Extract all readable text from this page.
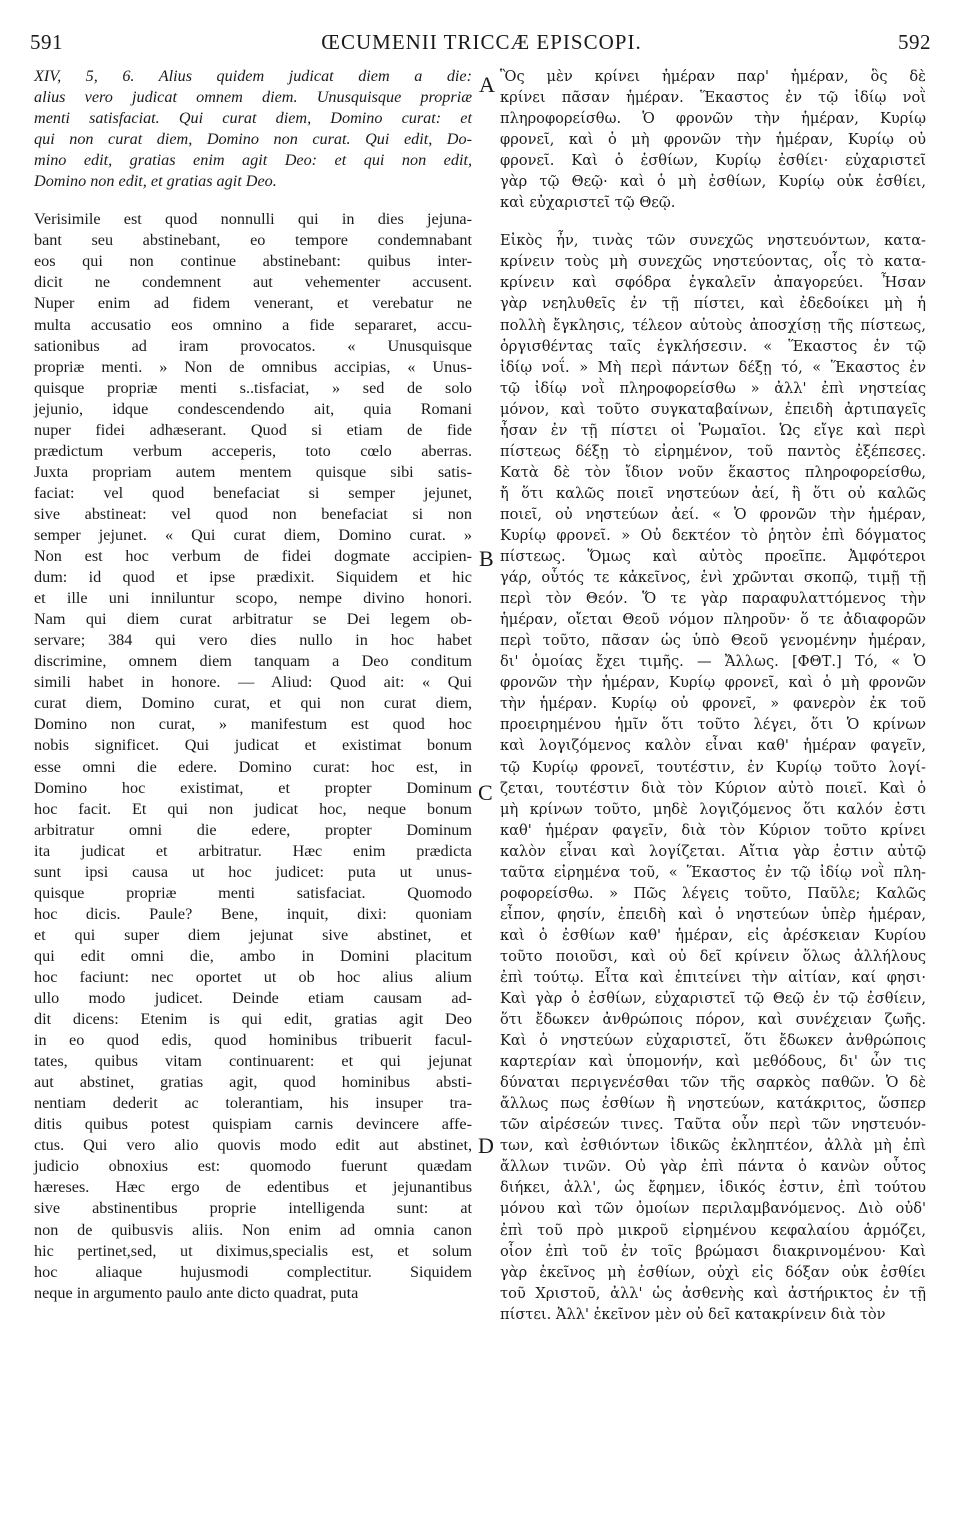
591	ŒCUMENII TRICCÆ EPISCOPI.	592
XIV, 5, 6. Alius quidem judicat diem a die:
alius vero judicat omnem diem. Unusquisque propriæ
menti satisfaciat. Qui curat diem, Domino curat: et
qui non curat diem, Domino non curat. Qui edit, Do-
mino edit, gratias enim agit Deo: et qui non edit,
Domino non edit, et gratias agit Deo.
Verisimile est quod nonnulli qui in dies jejuna-
bant seu abstinebant, eo tempore condemnabant
eos qui non continue abstinebant: quibus inter-
dicit ne condemnent aut vehementer accusent.
Nuper enim ad fidem venerant, et verebatur ne
multa accusatio eos omnino a fide separaret, accu-
sationibus ad iram provocatos. « Unusquisque
propriæ menti. » Non de omnibus accipias, « Unus-
quisque propriæ menti s..tisfaciat, » sed de solo
jejunio, idque condescendendo ait, quia Romani
nuper fidei adhæserant. Quod si etiam de fide
prædictum verbum acceperis, toto cœlo aberras.
Juxta propriam autem mentem quisque sibi satis-
faciat: vel quod benefaciat si semper jejunet,
sive abstineat: vel quod non benefaciat si non
semper jejunet. « Qui curat diem, Domino curat. »
Non est hoc verbum de fidei dogmate accipien-
dum: id quod et ipse prædixit. Siquidem et hic
et ille uni inniluntur scopo, nempe divino honori.
Nam qui diem curat arbitratur se Dei legem ob-
servare; 384 qui vero dies nullo in hoc habet
discrimine, omnem diem tanquam a Deo conditum
simili habet in honore. — Aliud: Quod ait: « Qui
curat diem, Domino curat, et qui non curat diem,
Domino non curat, » manifestum est quod hoc
nobis significet. Qui judicat et existimat bonum
esse omni die edere. Domino curat: hoc est, in
Domino hoc existimat, et propter Dominum
hoc facit. Et qui non judicat hoc, neque bonum
arbitratur omni die edere, propter Dominum
ita judicat et arbitratur. Hæc enim prædicta
sunt ipsi causa ut hoc judicet: puta ut unus-
quisque propriæ menti satisfaciat. Quomodo
hoc dicis. Paule? Bene, inquit, dixi: quoniam
et qui super diem jejunat sive abstinet, et
qui edit omni die, ambo in Domini placitum
hoc faciunt: nec oportet ut ob hoc alius alium
ullo modo judicet. Deinde etiam causam ad-
dit dicens: Etenim is qui edit, gratias agit Deo
in eo quod edis, quod hominibus tribuerit facul-
tates, quibus vitam continuarent: et qui jejunat
aut abstinet, gratias agit, quod hominibus absti-
nentiam dederit ac tolerantiam, his insuper tra-
ditis quibus potest quispiam carnis devincere affe-
ctus. Qui vero alio quovis modo edit aut abstinet,
judicio obnoxius est: quomodo fuerunt quædam
hæreses. Hæc ergo de edentibus et jejunantibus
sive abstinentibus proprie intelligenda sunt: at
non de quibusvis aliis. Non enim ad omnia canon
hic pertinet,sed, ut diximus,specialis est, et solum
hoc aliaque hujusmodi complectitur. Siquidem
neque in argumento paulo ante dicto quadrat, puta
Ὃς μὲν κρίνει ἡμέραν παρ' ἡμέραν, ὃς δὲ
κρίνει πᾶσαν ἡμέραν. Ἕκαστος ἐν τῷ ἰδίῳ νοῒ
πληροφορείσθω. Ὁ φρονῶν τὴν ἡμέραν, Κυρίῳ
φρονεῖ, καὶ ὁ μὴ φρονῶν τὴν ἡμέραν, Κυρίῳ οὐ
φρονεῖ. Καὶ ὁ ἐσθίων, Κυρίῳ ἐσθίει· εὐχαριστεῖ
γὰρ τῷ Θεῷ· καὶ ὁ μὴ ἐσθίων, Κυρίῳ οὐκ ἐσθίει,
καὶ εὐχαριστεῖ τῷ Θεῷ.
Εἰκὸς ἦν, τινὰς τῶν συνεχῶς νηστευόντων, κατα-
κρίνειν τοὺς μὴ συνεχῶς νηστεύοντας, οἷς τὸ κατα-
κρίνειν καὶ σφόδρα ἐγκαλεῖν ἀπαγορεύει. Ἦσαν
γὰρ νεηλυθεῖς ἐν τῇ πίστει, καὶ ἐδεδοίκει μὴ ἡ
πολλὴ ἔγκλησις, τέλεον αὐτοὺς ἀποσχίσῃ τῆς πίστεως,
ὀργισθέντας ταῖς ἐγκλήσεσιν. « Ἕκαστος ἐν τῷ
ἰδίῳ νοΐ. » Μὴ περὶ πάντων δέξῃ τό, « Ἕκαστος ἐν
τῷ ἰδίῳ νοῒ πληροφορείσθω » ἀλλ' ἐπὶ νηστείας
μόνον, καὶ τοῦτο συγκαταβαίνων, ἐπειδὴ ἀρτιπαγεῖς
ἦσαν ἐν τῇ πίστει οἱ Ῥωμαῖοι. Ὡς εἴγε καὶ περὶ
πίστεως δέξῃ τὸ εἰρημένον, τοῦ παντὸς ἐξέπεσες.
Κατὰ δὲ τὸν ἴδιον νοῦν ἕκαστος πληροφορείσθω,
ἤ ὅτι καλῶς ποιεῖ νηστεύων ἀεί, ἢ ὅτι οὐ καλῶς
ποιεῖ, οὐ νηστεύων ἀεί. « Ὁ φρονῶν τὴν ἡμέραν,
Κυρίῳ φρονεῖ. » Οὐ δεκτέον τὸ ῥητὸν ἐπὶ δόγματος
πίστεως. Ὅμως καὶ αὐτὸς προεῖπε. Ἀμφότεροι
γάρ, οὗτός τε κἀκεῖνος, ἑνὶ χρῶνται σκοπῷ, τιμῇ τῇ
περὶ τὸν Θεόν. Ὅ τε γὰρ παραφυλαττόμενος τὴν
ἡμέραν, οἴεται Θεοῦ νόμον πληροῦν· ὅ τε ἀδιαφορῶν
περὶ τοῦτο, πᾶσαν ὡς ὑπὸ Θεοῦ γενομένην ἡμέραν,
δι' ὁμοίας ἔχει τιμῆς. — Ἄλλως. [ΦΘΤ.] Τό, « Ὁ
φρονῶν τὴν ἡμέραν, Κυρίῳ φρονεῖ, καὶ ὁ μὴ φρονῶν
τὴν ἡμέραν. Κυρίῳ οὐ φρονεῖ, » φανερὸν ἐκ τοῦ
προειρημένου ἡμῖν ὅτι τοῦτο λέγει, ὅτι Ὁ κρίνων
καὶ λογιζόμενος καλὸν εἶναι καθ' ἡμέραν φαγεῖν,
τῷ Κυρίῳ φρονεῖ, τουτέστιν, ἐν Κυρίῳ τοῦτο λογί-
ζεται, τουτέστιν διὰ τὸν Κύριον αὐτὸ ποιεῖ. Καὶ ὁ
μὴ κρίνων τοῦτο, μηδὲ λογιζόμενος ὅτι καλόν ἐστι
καθ' ἡμέραν φαγεῖν, διὰ τὸν Κύριον τοῦτο κρίνει
καλὸν εἶναι καὶ λογίζεται. Αἴτια γὰρ ἐστιν αὐτῷ
ταῦτα εἰρημένα τοῦ, « Ἕκαστος ἐν τῷ ἰδίῳ νοῒ πλη-
ροφορείσθω. » Πῶς λέγεις τοῦτο, Παῦλε; Καλῶς
εἶπον, φησίν, ἐπειδὴ καὶ ὁ νηστεύων ὑπὲρ ἡμέραν,
καὶ ὁ ἐσθίων καθ' ἡμέραν, εἰς ἀρέσκειαν Κυρίου
τοῦτο ποιοῦσι, καὶ οὐ δεῖ κρίνειν ὅλως ἀλλήλους
ἐπὶ τούτῳ. Εἶτα καὶ ἐπιτείνει τὴν αἰτίαν, καί φησι·
Καὶ γὰρ ὁ ἐσθίων, εὐχαριστεῖ τῷ Θεῷ ἐν τῷ ἐσθίειν,
ὅτι ἔδωκεν ἀνθρώποις πόρον, καὶ συνέχειαν ζωῆς.
Καὶ ὁ νηστεύων εὐχαριστεῖ, ὅτι ἔδωκεν ἀνθρώποις
καρτερίαν καὶ ὑπομονήν, καὶ μεθόδους, δι' ὧν τις
δύναται περιγενέσθαι τῶν τῆς σαρκὸς παθῶν. Ὁ δὲ
ἄλλως πως ἐσθίων ἢ νηστεύων, κατάκριτος, ὥσπερ
τῶν αἱρέσεών τινες. Ταῦτα οὖν περὶ τῶν νηστευόν-
των, καὶ ἐσθιόντων ἰδικῶς ἐκληπτέον, ἀλλὰ μὴ ἐπὶ
ἄλλων τινῶν. Οὐ γὰρ ἐπὶ πάντα ὁ κανὼν οὗτος
διήκει, ἀλλ', ὡς ἔφημεν, ἰδικός ἐστιν, ἐπὶ τούτου
μόνου καὶ τῶν ὁμοίων περιλαμβανόμενος. Διὸ οὐδ'
ἐπὶ τοῦ πρὸ μικροῦ εἰρημένου κεφαλαίου ἁρμόζει,
οἷον ἐπὶ τοῦ ἐν τοῖς βρώμασι διακρινομένου· Καὶ
γὰρ ἐκεῖνος μὴ ἐσθίων, οὐχὶ εἰς δόξαν οὐκ ἐσθίει
τοῦ Χριστοῦ, ἀλλ' ὡς ἀσθενὴς καὶ ἀστήρικτος ἐν τῇ
πίστει. Ἀλλ' ἐκεῖνον μὲν οὐ δεῖ κατακρίνειν διὰ τὸν
A
B
C
D
